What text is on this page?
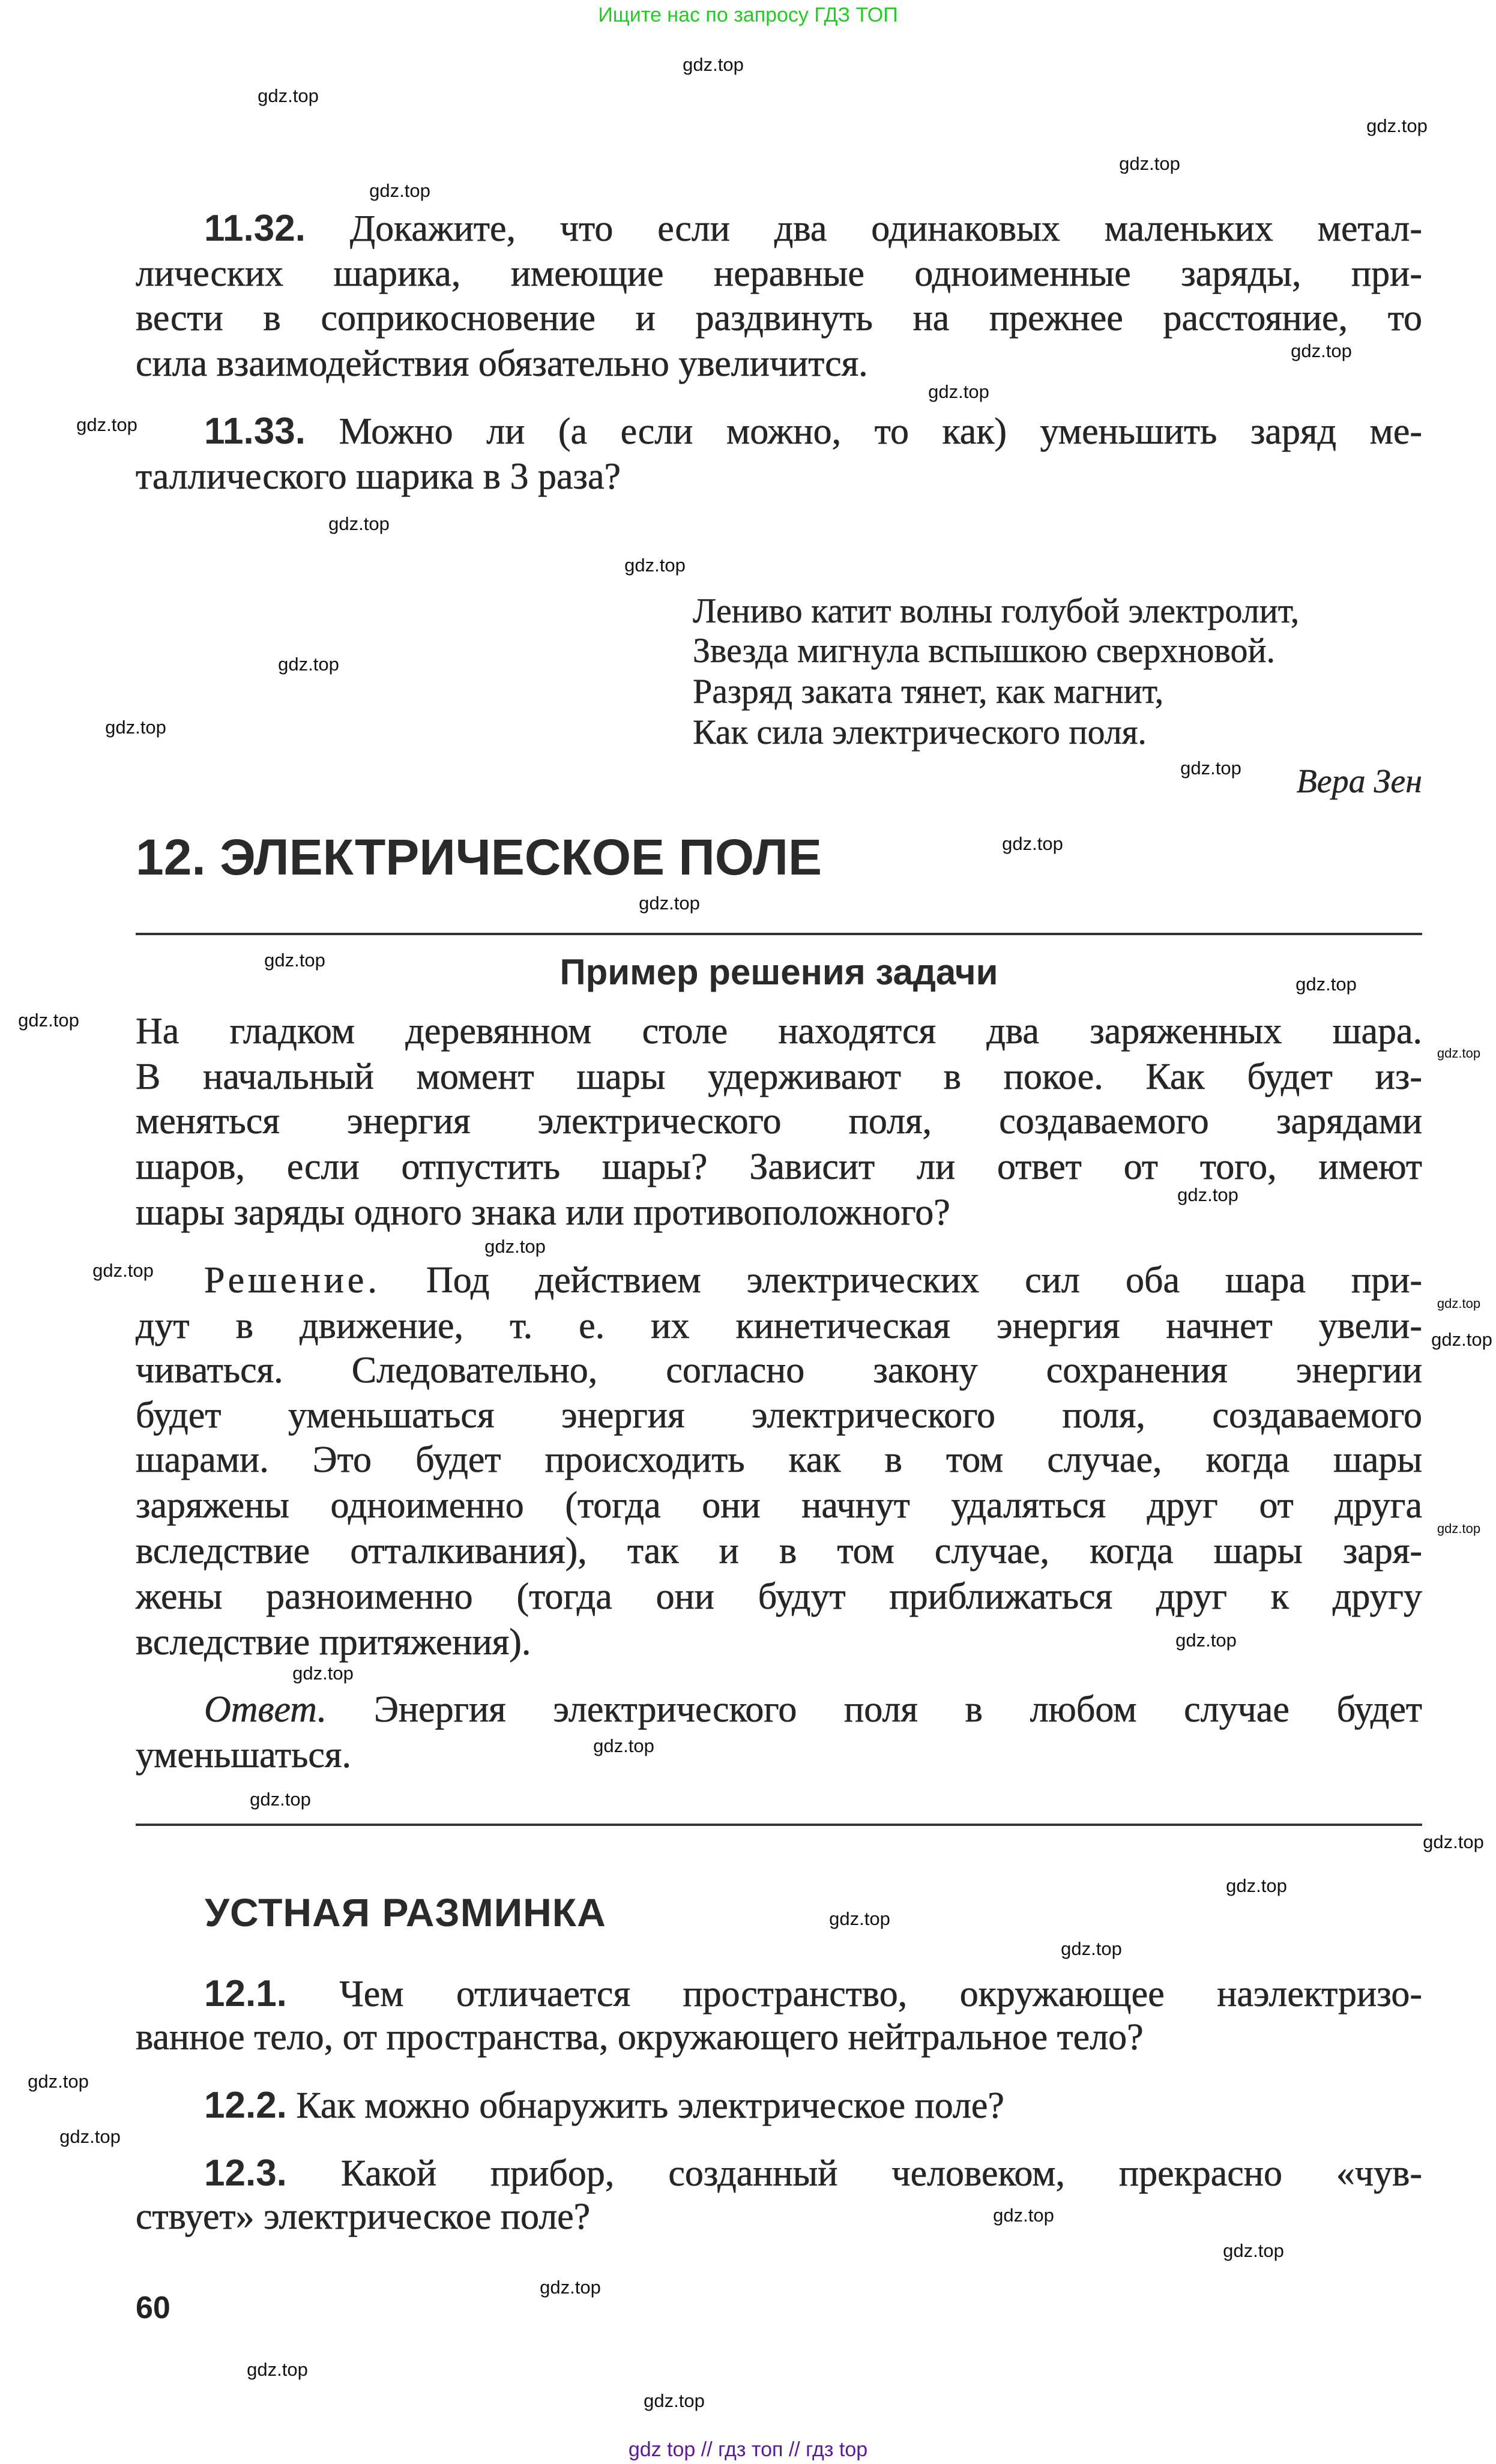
Ищите нас по запросу ГДЗ ТОП
11.32. Докажите, что если два одинаковых маленьких метал-
лических шарика, имеющие неравные одноименные заряды, при-
вести в соприкосновение и раздвинуть на прежнее расстояние, то
сила взаимодействия обязательно увеличится.
11.33. Можно ли (а если можно, то как) уменьшить заряд ме-
таллического шарика в 3 раза?
Лениво катит волны голубой электролит,
Звезда мигнула вспышкою сверхновой.
Разряд заката тянет, как магнит,
Как сила электрического поля.
Вера Зен
12. ЭЛЕКТРИЧЕСКОЕ ПОЛЕ
Пример решения задачи
На гладком деревянном столе находятся два заряженных шара.
В начальный момент шары удерживают в покое. Как будет из-
меняться энергия электрического поля, создаваемого зарядами
шаров, если отпустить шары? Зависит ли ответ от того, имеют
шары заряды одного знака или противоположного?
Решение. Под действием электрических сил оба шара при-
дут в движение, т. е. их кинетическая энергия начнет увели-
чиваться. Следовательно, согласно закону сохранения энергии
будет уменьшаться энергия электрического поля, создаваемого
шарами. Это будет происходить как в том случае, когда шары
заряжены одноименно (тогда они начнут удаляться друг от друга
вследствие отталкивания), так и в том случае, когда шары заря-
жены разноименно (тогда они будут приближаться друг к другу
вследствие притяжения).
Ответ. Энергия электрического поля в любом случае будет
уменьшаться.
УСТНАЯ РАЗМИНКА
12.1. Чем отличается пространство, окружающее наэлектризо-
ванное тело, от пространства, окружающего нейтральное тело?
12.2. Как можно обнаружить электрическое поле?
12.3. Какой прибор, созданный человеком, прекрасно «чув-
ствует» электрическое поле?
60
gdz.top
gdz.top
gdz.top
gdz.top
gdz.top
gdz.top
gdz.top
gdz.top
gdz.top
gdz.top
gdz.top
gdz.top
gdz.top
gdz.top
gdz.top
gdz.top
gdz.top
gdz.top
gdz.top
gdz.top
gdz.top
gdz.top
gdz.top
gdz.top
gdz.top
gdz.top
gdz.top
gdz.top
gdz.top
gdz.top
gdz.top
gdz.top
gdz.top
gdz.top
gdz.top
gdz.top
gdz.top
gdz.top
gdz.top
gdz.top
gdz top // гдз топ // гдз top
